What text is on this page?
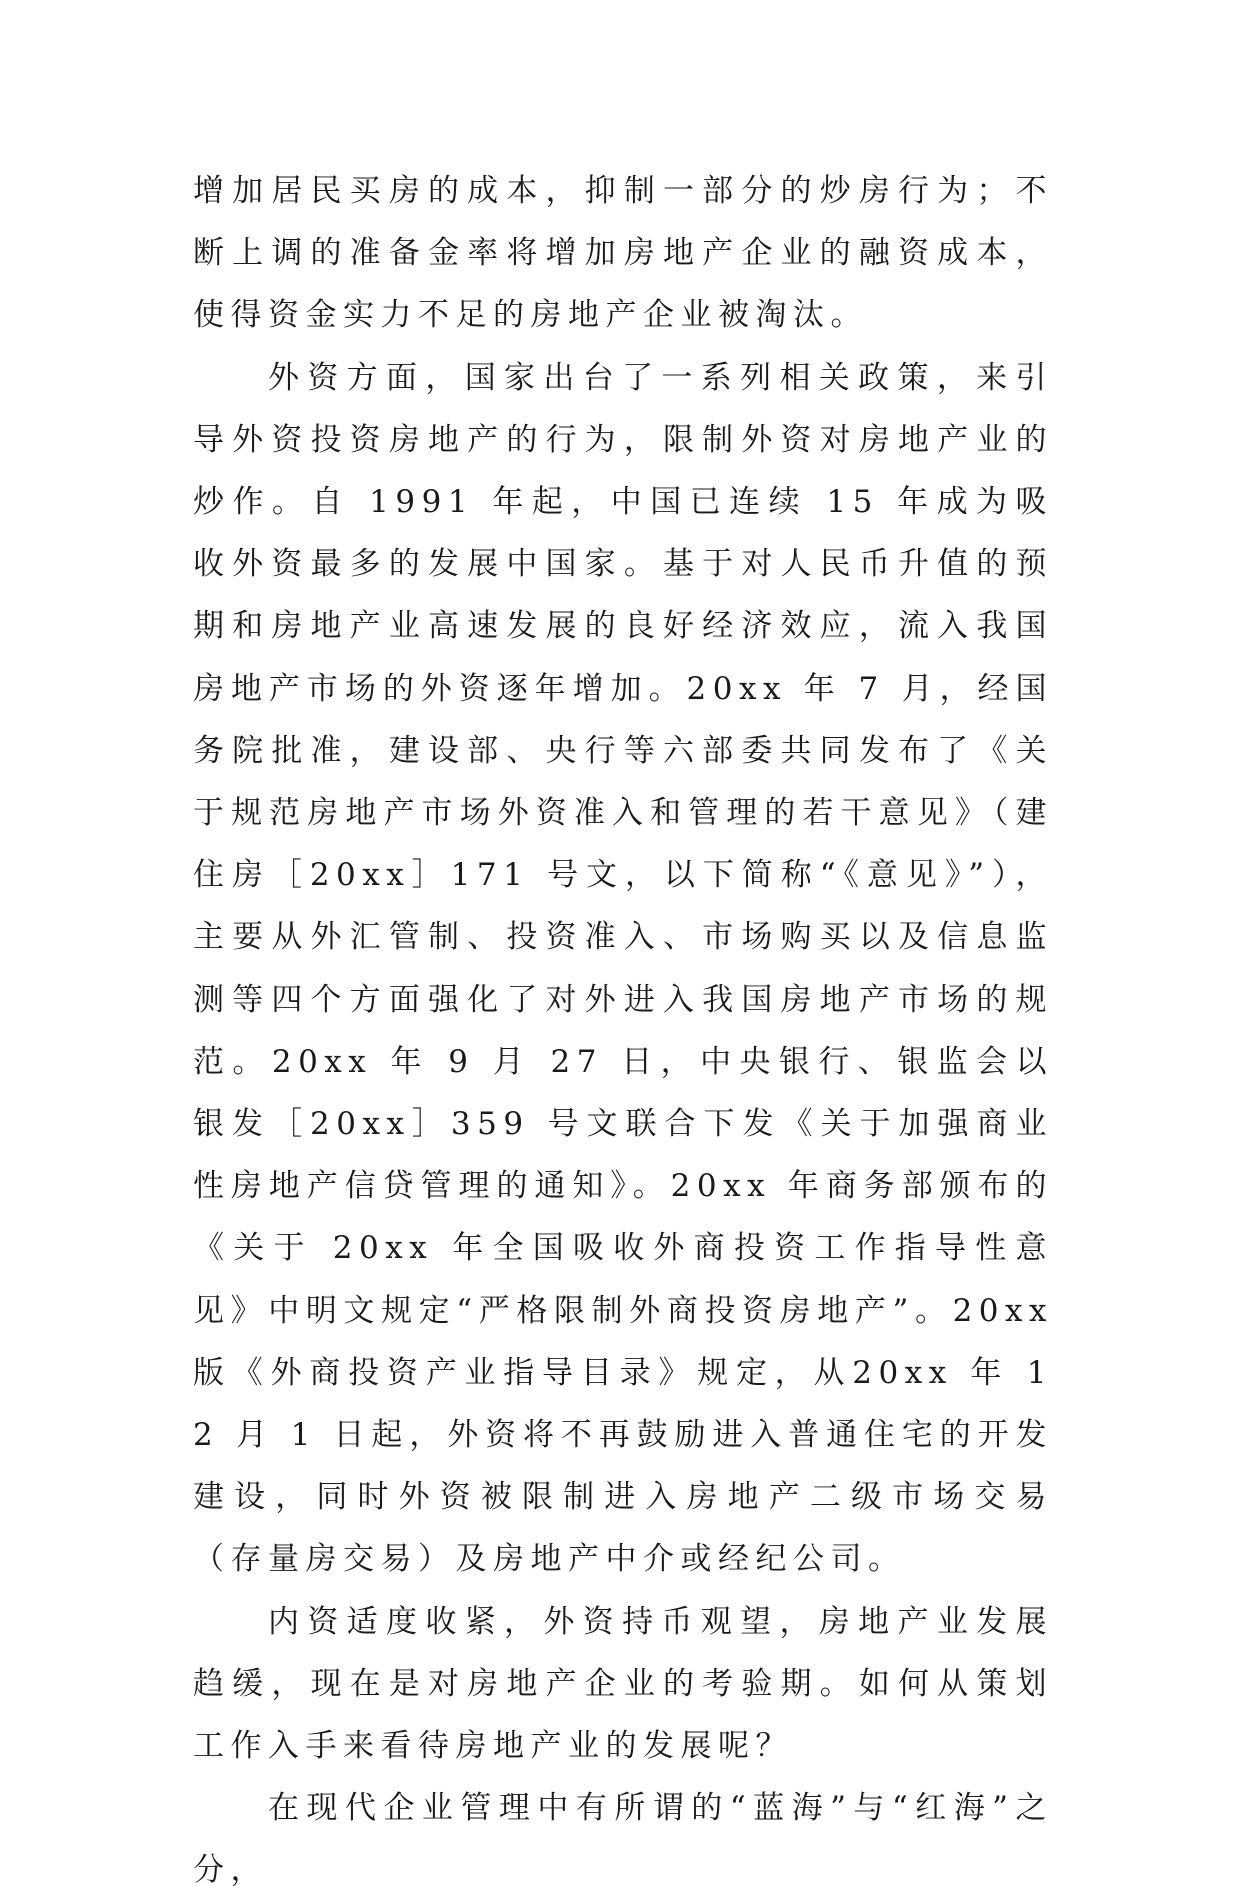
增加居民买房的成本，抑制一部分的炒房行为；不断上调的准备金率将增加房地产企业的融资成本，使得资金实力不足的房地产企业被淘汰。

外资方面，国家出台了一系列相关政策，来引导外资投资房地产的行为，限制外资对房地产业的炒作。自 1991 年起，中国已连续 15 年成为吸收外资最多的发展中国家。基于对人民币升值的预期和房地产业高速发展的良好经济效应，流入我国房地产市场的外资逐年增加。20xx 年 7 月，经国务院批准，建设部、央行等六部委共同发布了《关于规范房地产市场外资准入和管理的若干意见》（建住房［20xx］171 号文，以下简称“《意见》”），主要从外汇管制、投资准入、市场购买以及信息监测等四个方面强化了对外进入我国房地产市场的规范。20xx 年 9 月 27 日，中央银行、银监会以银发［20xx］359 号文联合下发《关于加强商业性房地产信贷管理的通知》。20xx 年商务部颁布的《关于 20xx 年全国吸收外商投资工作指导性意见》中明文规定“严格限制外商投资房地产”。20xx 版《外商投资产业指导目录》规定，从20xx 年 12 月 1 日起，外资将不再鼓励进入普通住宅的开发建设，同时外资被限制进入房地产二级市场交易（存量房交易）及房地产中介或经纪公司。

内资适度收紧，外资持币观望，房地产业发展趋缓，现在是对房地产企业的考验期。如何从策划工作入手来看待房地产业的发展呢？

在现代企业管理中有所谓的“蓝海”与“红海”之分，
